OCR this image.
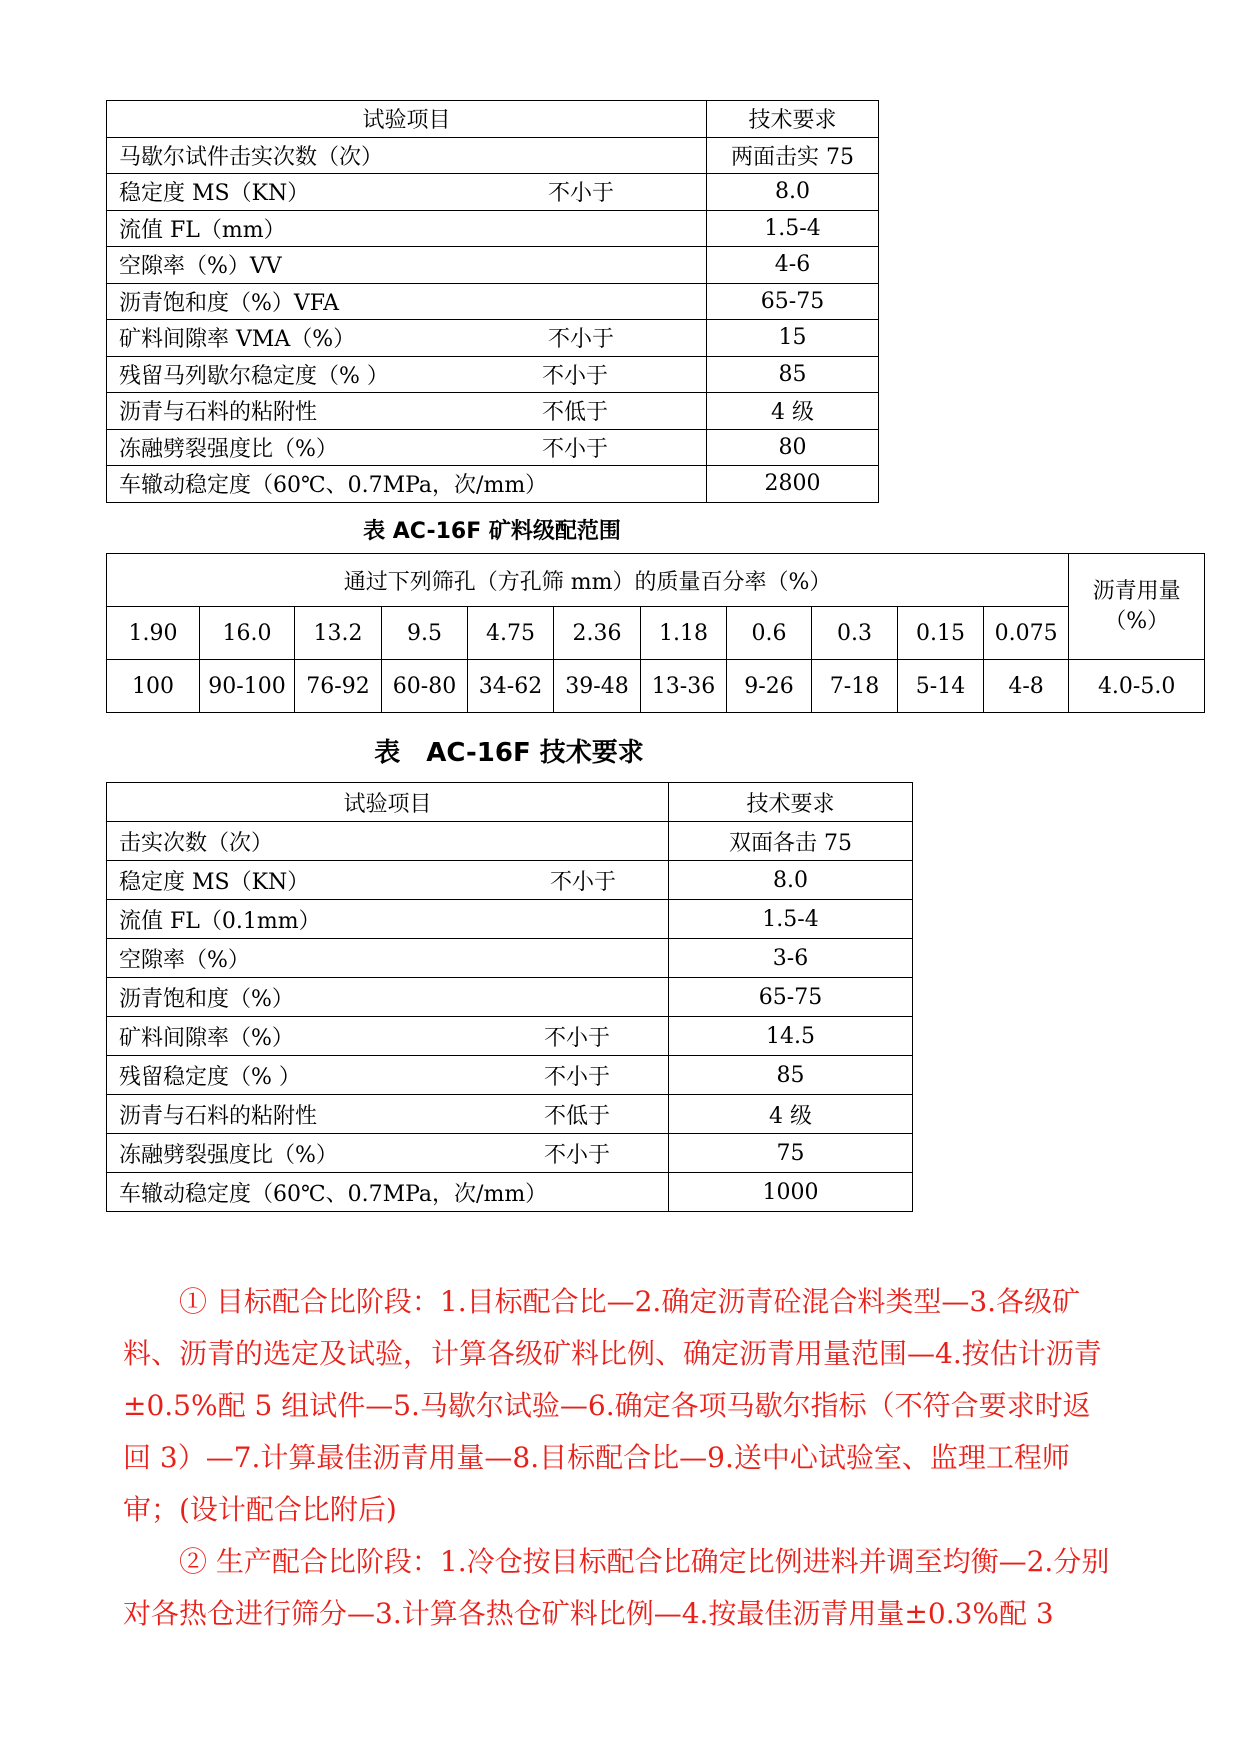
试验项目	技术要求

马歇尔试件击实次数（次）	两面击实 75

稳定度 MS（KN） 不小于	8.0

流值 FL（mm）	1.5-4

空隙率（%）VV	4-6

沥青饱和度（%）VFA	65-75

矿料间隙率 VMA（%） 不小于	15

残留马列歇尔稳定度（% ） 不小于	85

沥青与石料的粘附性 不低于	4 级

冻融劈裂强度比（%） 不小于	80

车辙动稳定度（60℃、0.7MPa，次/mm）	2800
表 AC-16F 矿料级配范围
通过下列筛孔（方孔筛 mm）的质量百分率（%）											沥青用量（%）
1.90	16.0	13.2	9.5	4.75	2.36	1.18	0.6	0.3	0.15	0.075	
100	90-100	76-92	60-80	34-62	39-48	13-36	9-26	7-18	5-14	4-8	4.0-5.0
表　AC-16F 技术要求
试验项目	技术要求

击实次数（次）	双面各击 75

稳定度 MS（KN） 不小于	8.0

流值 FL（0.1mm）	1.5-4

空隙率（%）	3-6

沥青饱和度（%）	65-75

矿料间隙率（%） 不小于	14.5

残留稳定度（% ） 不小于	85

沥青与石料的粘附性 不低于	4 级

冻融劈裂强度比（%） 不小于	75

车辙动稳定度（60℃、0.7MPa，次/mm）	1000

① 目标配合比阶段：1.目标配合比—2.确定沥青砼混合料类型—3.各级矿料、沥青的选定及试验，计算各级矿料比例、确定沥青用量范围—4.按估计沥青±0.5%配 5 组试件—5.马歇尔试验—6.确定各项马歇尔指标（不符合要求时返回 3）—7.计算最佳沥青用量—8.目标配合比—9.送中心试验室、监理工程师审；(设计配合比附后)

② 生产配合比阶段：1.冷仓按目标配合比确定比例进料并调至均衡—2.分别对各热仓进行筛分—3.计算各热仓矿料比例—4.按最佳沥青用量±0.3%配 3
